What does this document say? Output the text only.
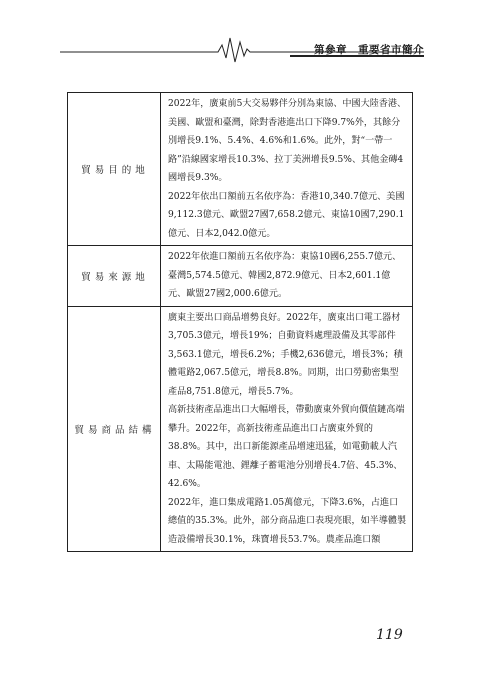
第參章　重要省市簡介
貿易目的地	2022年，廣東前5大交易夥伴分別為東協、中國大陸香港、美國、歐盟和臺灣，除對香港進出口下降9.7%外，其餘分別增長9.1%、5.4%、4.6%和1.6%。此外，對“一帶一路”沿線國家增長10.3%、拉丁美洲增長9.5%、其他金磚4國增長9.3%。

2022年依出口額前五名依序為：香港10,340.7億元、美國9,112.3億元、歐盟27國7,658.2億元、東協10國7,290.1億元、日本2,042.0億元。

貿易來源地	2022年依進口額前五名依序為：東協10國6,255.7億元、臺灣5,574.5億元、韓國2,872.9億元、日本2,601.1億元、歐盟27國2,000.6億元。

貿易商品結構	廣東主要出口商品增勢良好。2022年，廣東出口電工器材3,705.3億元，增長19%；自動資料處理設備及其零部件3,563.1億元，增長6.2%；手機2,636億元，增長3%；積體電路2,067.5億元，增長8.8%。同期，出口勞動密集型產品8,751.8億元，增長5.7%。

高新技術產品進出口大幅增長，帶動廣東外貿向價值鏈高端攀升。2022年，高新技術產品進出口占廣東外貿的38.8%。其中，出口新能源產品增速迅猛，如電動載人汽車、太陽能電池、鋰離子蓄電池分別增長4.7倍、45.3%、42.6%。

2022年，進口集成電路1.05萬億元，下降3.6%，占進口總值的35.3%。此外，部分商品進口表現亮眼，如半導體製造設備增長30.1%，珠寶增長53.7%。農產品進口額

119
